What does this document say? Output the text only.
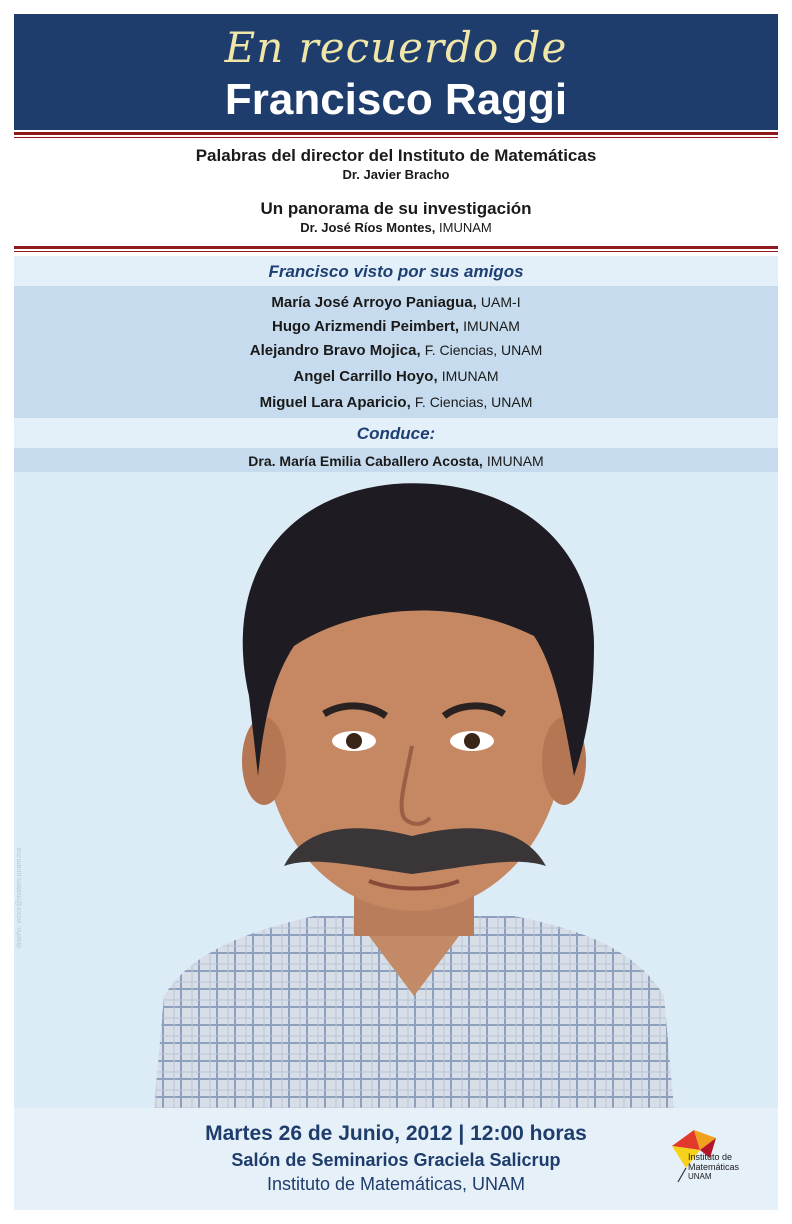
En recuerdo de
Francisco Raggi
Palabras del director del Instituto de Matemáticas
Dr. Javier Bracho
Un panorama de su investigación
Dr. José Ríos Montes, IMUNAM
Francisco visto por sus amigos
María José Arroyo Paniagua, UAM-I
Hugo Arizmendi Peimbert, IMUNAM
Alejandro Bravo Mojica, F. Ciencias, UNAM
Angel Carrillo Hoyo, IMUNAM
Miguel Lara Aparicio, F. Ciencias, UNAM
Conduce:
Dra. María Emilia Caballero Acosta, IMUNAM
diseño: victor@matem.unam.mx
Martes 26 de Junio, 2012 | 12:00 horas
Salón de Seminarios Graciela Salicrup
Instituto de Matemáticas, UNAM
Instituto de
Matemáticas
UNAM
